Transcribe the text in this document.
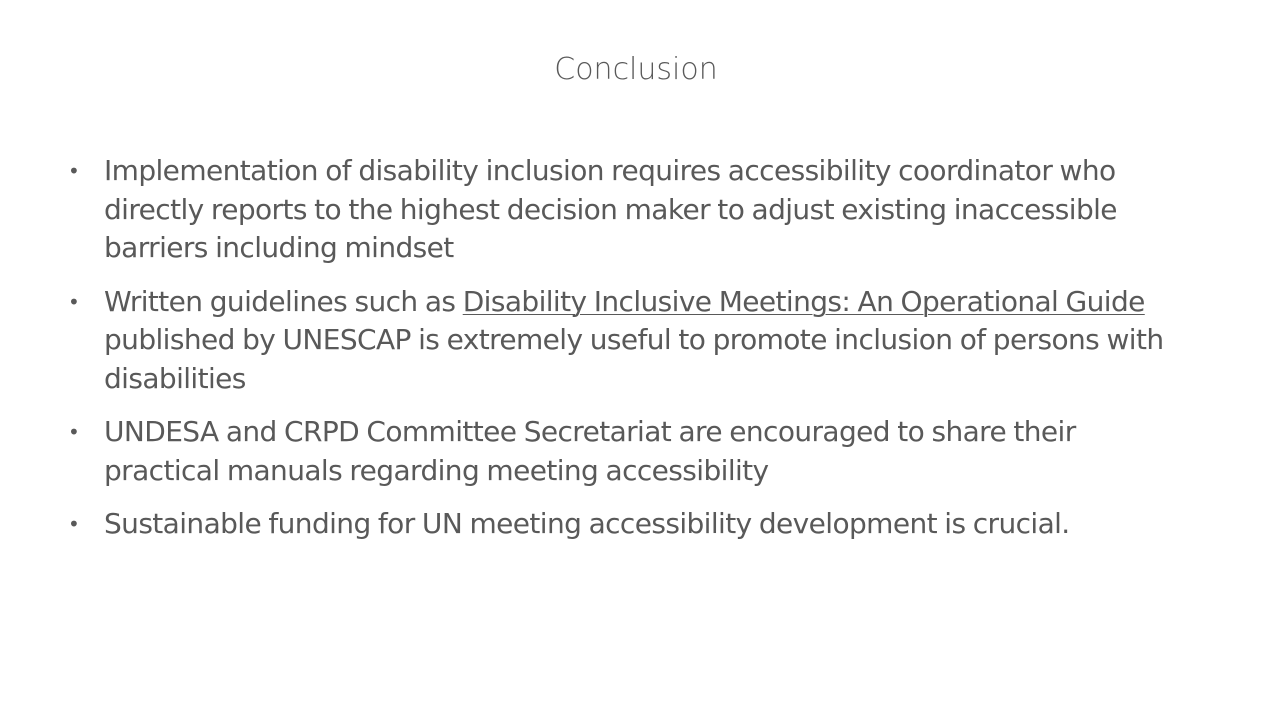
Conclusion
• Implementation of disability inclusion requires accessibility coordinator who directly reports to the highest decision maker to adjust existing inaccessible barriers including mindset
• Written guidelines such as Disability Inclusive Meetings: An Operational Guide published by UNESCAP is extremely useful to promote inclusion of persons with disabilities
• UNDESA and CRPD Committee Secretariat are encouraged to share their practical manuals regarding meeting accessibility
• Sustainable funding for UN meeting accessibility development is crucial.
